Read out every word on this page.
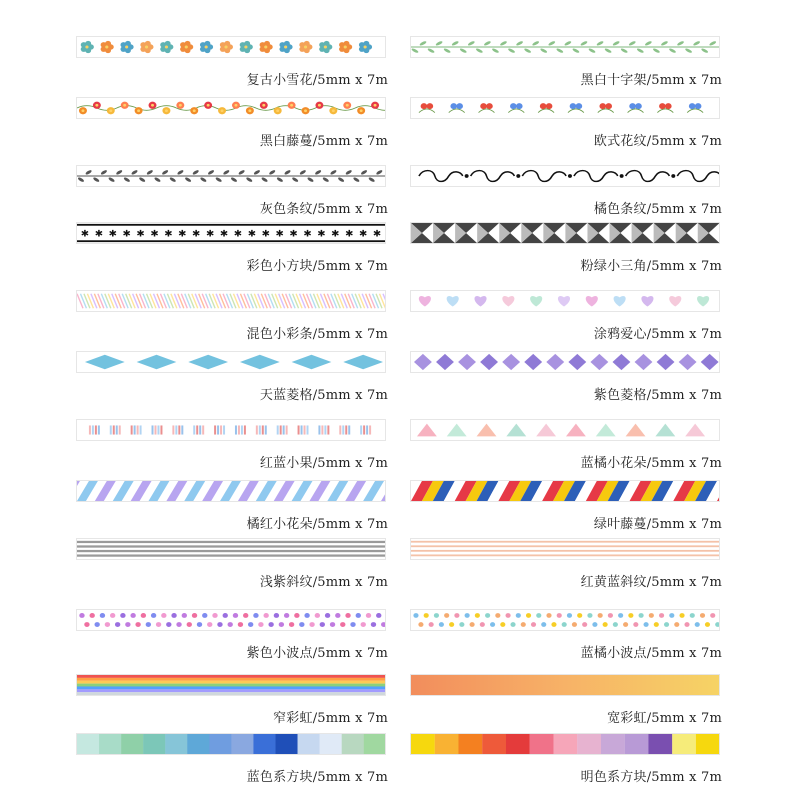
复古小雪花/5mm x 7m
黑白藤蔓/5mm x 7m
灰色条纹/5mm x 7m
✱ ✱ ✱ ✱ ✱ ✱ ✱ ✱ ✱ ✱ ✱ ✱ ✱ ✱ ✱ ✱ ✱ ✱ ✱ ✱ ✱ ✱
彩色小方块/5mm x 7m
混色小彩条/5mm x 7m
天蓝菱格/5mm x 7m
红蓝小果/5mm x 7m
橘红小花朵/5mm x 7m
浅紫斜纹/5mm x 7m
紫色小波点/5mm x 7m
窄彩虹/5mm x 7m
蓝色系方块/5mm x 7m
黑白十字架/5mm x 7m
欧式花纹/5mm x 7m
橘色条纹/5mm x 7m
粉绿小三角/5mm x 7m
涂鸦爱心/5mm x 7m
紫色菱格/5mm x 7m
蓝橘小花朵/5mm x 7m
绿叶藤蔓/5mm x 7m
红黄蓝斜纹/5mm x 7m
蓝橘小波点/5mm x 7m
宽彩虹/5mm x 7m
明色系方块/5mm x 7m
